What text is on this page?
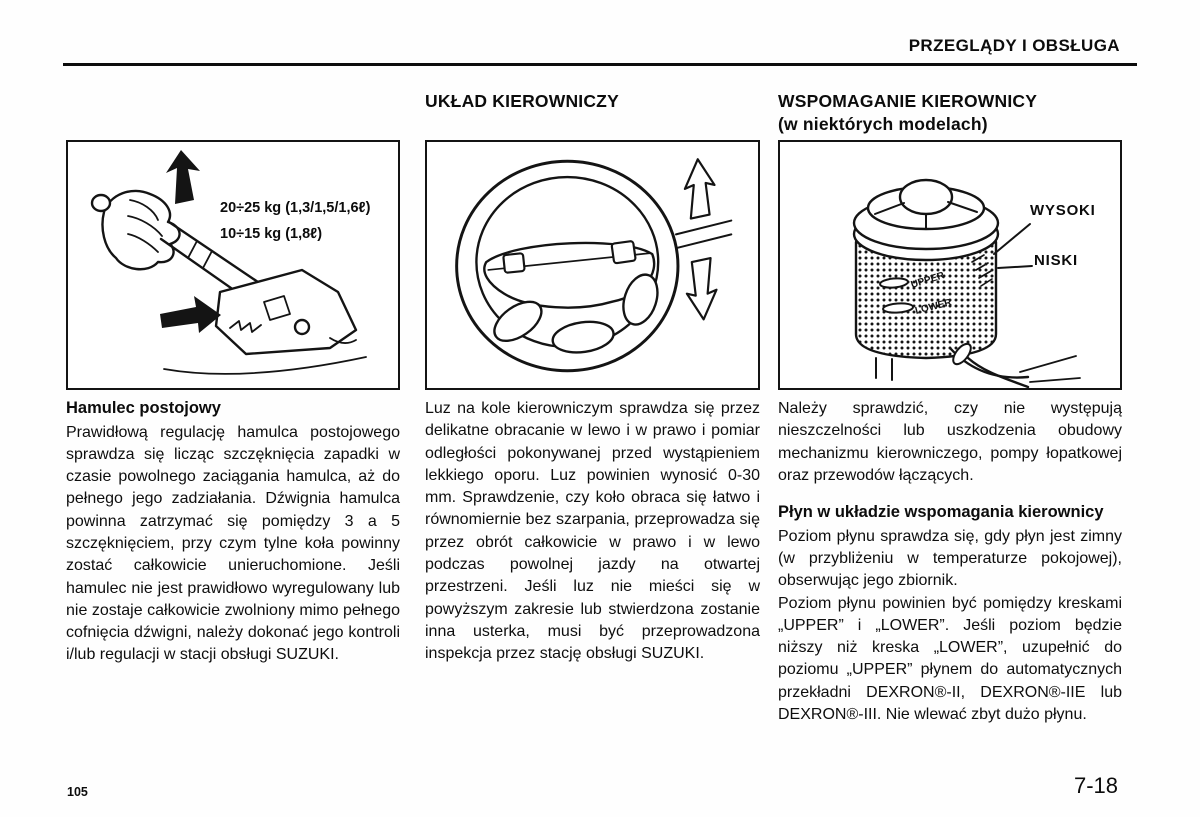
PRZEGLĄDY I OBSŁUGA
20÷25 kg (1,3/1,5/1,6ℓ)
10÷15 kg (1,8ℓ)
Hamulec postojowy

Prawidłową regulację hamulca postojowego sprawdza się licząc szczęknięcia zapadki w czasie powolnego zaciągania hamulca, aż do pełnego jego zadziałania. Dźwignia hamulca powinna zatrzymać się pomiędzy 3 a 5 szczęknięciem, przy czym tylne koła powinny zostać całkowicie unieruchomione. Jeśli hamulec nie jest prawidłowo wyregulowany lub nie zostaje całkowicie zwolniony mimo pełnego cofnięcia dźwigni, należy dokonać jego kontroli i/lub regulacji w stacji obsługi SUZUKI.

UKŁAD KIEROWNICZY

Luz na kole kierowniczym sprawdza się przez delikatne obracanie w lewo i w prawo i pomiar odległości pokonywanej przed wystąpieniem lekkiego oporu. Luz powinien wynosić 0-30 mm. Sprawdzenie, czy koło obraca się łatwo i równomiernie bez szarpania, przeprowadza się przez obrót całkowicie w prawo i w lewo podczas powolnej jazdy na otwartej przestrzeni. Jeśli luz nie mieści się w powyższym zakresie lub stwierdzona zostanie inna usterka, musi być przeprowadzona inspekcja przez stację obsługi SUZUKI.

WSPOMAGANIE KIEROWNICY
(w niektórych modelach)
UPPER
LOWER
WYSOKI
NISKI

Należy sprawdzić, czy nie występują nieszczelności lub uszkodzenia obudowy mechanizmu kierowniczego, pompy łopatkowej oraz przewodów łączących.

Płyn w układzie wspomagania kierownicy

Poziom płynu sprawdza się, gdy płyn jest zimny (w przybliżeniu w temperaturze pokojowej), obserwując jego zbiornik.

Poziom płynu powinien być pomiędzy kreskami „UPPER” i „LOWER”. Jeśli poziom będzie niższy niż kreska „LOWER”, uzupełnić do poziomu „UPPER” płynem do automatycznych przekładni DEXRON®-II, DEXRON®-IIE lub DEXRON®-III. Nie wlewać zbyt dużo płynu.

105	7-18
